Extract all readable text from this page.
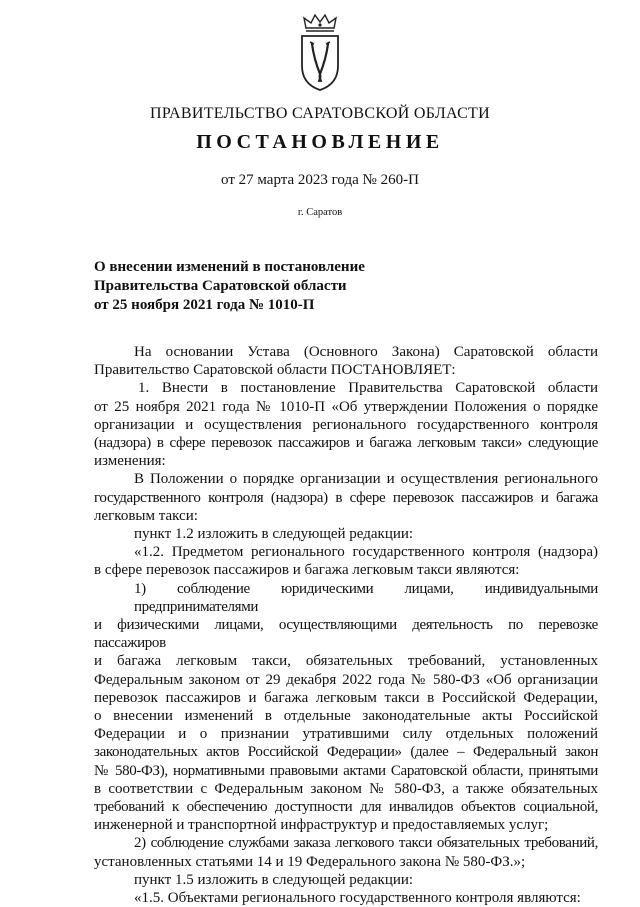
ПРАВИТЕЛЬСТВО САРАТОВСКОЙ ОБЛАСТИ
ПОСТАНОВЛЕНИЕ
от 27 марта 2023 года № 260-П
г. Саратов
О внесении изменений в постановление
Правительства Саратовской области
от 25 ноября 2021 года № 1010-П
На основании Устава (Основного Закона) Саратовской области
Правительство Саратовской области ПОСТАНОВЛЯЕТ:
1. Внести в постановление Правительства Саратовской области
от 25 ноября 2021 года № 1010-П «Об утверждении Положения о порядке
организации и осуществления регионального государственного контроля
(надзора) в сфере перевозок пассажиров и багажа легковым такси» следующие
изменения:
В Положении о порядке организации и осуществления регионального
государственного контроля (надзора) в сфере перевозок пассажиров и багажа
легковым такси:
пункт 1.2 изложить в следующей редакции:
«1.2. Предметом регионального государственного контроля (надзора)
в сфере перевозок пассажиров и багажа легковым такси являются:
1) соблюдение юридическими лицами, индивидуальными предпринимателями
и физическими лицами, осуществляющими деятельность по перевозке пассажиров
и багажа легковым такси, обязательных требований, установленных
Федеральным законом от 29 декабря 2022 года № 580-ФЗ «Об организации
перевозок пассажиров и багажа легковым такси в Российской Федерации,
о внесении изменений в отдельные законодательные акты Российской
Федерации и о признании утратившими силу отдельных положений
законодательных актов Российской Федерации» (далее – Федеральный закон
№ 580-ФЗ), нормативными правовыми актами Саратовской области, принятыми
в соответствии с Федеральным законом № 580-ФЗ, а также обязательных
требований к обеспечению доступности для инвалидов объектов социальной,
инженерной и транспортной инфраструктур и предоставляемых услуг;
2) соблюдение службами заказа легкового такси обязательных требований,
установленных статьями 14 и 19 Федерального закона № 580-ФЗ.»;
пункт 1.5 изложить в следующей редакции:
«1.5. Объектами регионального государственного контроля являются:
